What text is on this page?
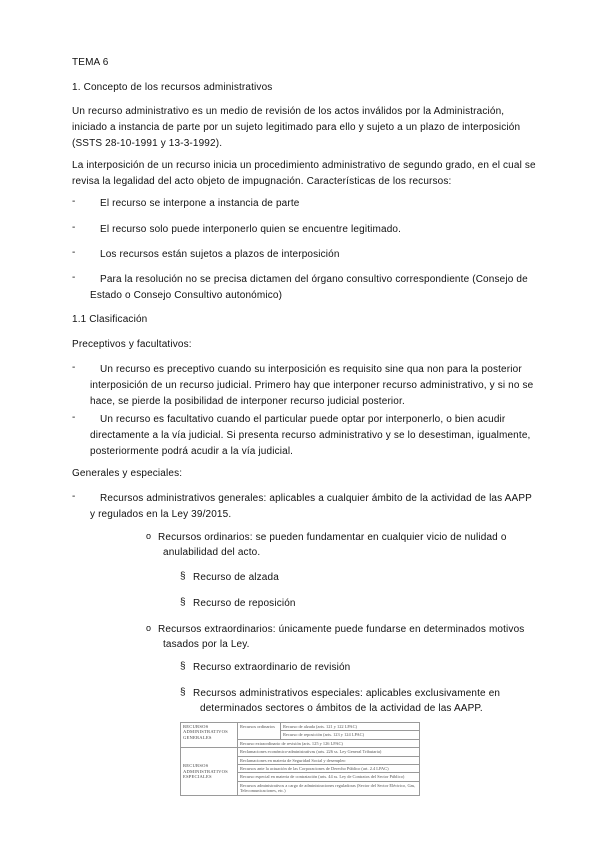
TEMA 6
1. Concepto de los recursos administrativos
Un recurso administrativo es un medio de revisión de los actos inválidos por la Administración,
iniciado a instancia de parte por un sujeto legitimado para ello y sujeto a un plazo de interposición
(SSTS 28-10-1991 y 13-3-1992).
La interposición de un recurso inicia un procedimiento administrativo de segundo grado, en el cual se
revisa la legalidad del acto objeto de impugnación. Características de los recursos:
- El recurso se interpone a instancia de parte
- El recurso solo puede interponerlo quien se encuentre legitimado.
- Los recursos están sujetos a plazos de interposición
- Para la resolución no se precisa dictamen del órgano consultivo correspondiente (Consejo de
Estado o Consejo Consultivo autonómico)
1.1 Clasificación
Preceptivos y facultativos:
- Un recurso es preceptivo cuando su interposición es requisito sine qua non para la posterior
interposición de un recurso judicial. Primero hay que interponer recurso administrativo, y si no se
hace, se pierde la posibilidad de interponer recurso judicial posterior.
- Un recurso es facultativo cuando el particular puede optar por interponerlo, o bien acudir
directamente a la vía judicial. Si presenta recurso administrativo y se lo desestiman, igualmente,
posteriormente podrá acudir a la vía judicial.
Generales y especiales:
- Recursos administrativos generales: aplicables a cualquier ámbito de la actividad de las AAPP
y regulados en la Ley 39/2015.
o Recursos ordinarios: se pueden fundamentar en cualquier vicio de nulidad o
anulabilidad del acto.
§ Recurso de alzada
§ Recurso de reposición
o Recursos extraordinarios: únicamente puede fundarse en determinados motivos
tasados por la Ley.
§ Recurso extraordinario de revisión
§ Recursos administrativos especiales: aplicables exclusivamente en
determinados sectores o ámbitos de la actividad de las AAPP.
RECURSOS ADMINISTRATIVOS GENERALES	Recursos ordinarios	Recurso de alzada (arts. 121 y 122 LPAC)
		Recurso de reposición (arts. 123 y 124 LPAC)
	Recurso extraordinario de revisión (arts. 125 y 126 LPAC)	
RECURSOS ADMINISTRATIVOS ESPECIALES	Reclamaciones económico-administrativas (arts. 226 ss. Ley General Tributaria)	
	Reclamaciones en materia de Seguridad Social y desempleo	
	Recursos ante la actuación de las Corporaciones de Derecho Público (art. 2.4 LPAC)	
	Recurso especial en materia de contratación (arts. 44 ss. Ley de Contratos del Sector Público)	
	Recursos administrativos a cargo de administraciones reguladoras (Sector del Sector Eléctrico, Gas, Telecomunicaciones, etc.)	
